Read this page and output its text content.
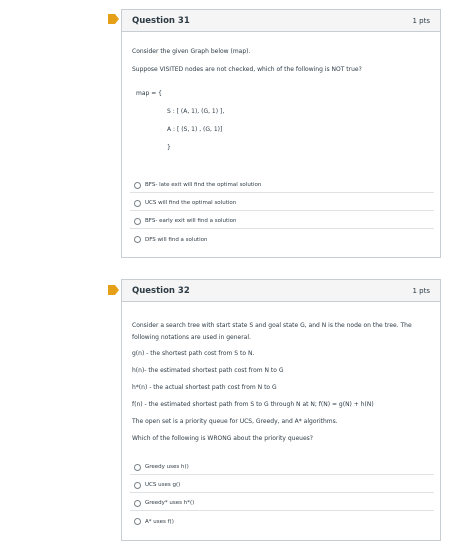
Question 31	1 pts
Consider the given Graph below (map).
Suppose VISITED nodes are not checked, which of the following is NOT true?
map = {
S : [ (A, 1), (G, 1) ],
A : [ (S, 1) , (G, 1)]
}
BFS- late exit will find the optimal solution
UCS will find the optimal solution
BFS- early exit will find a solution
DFS will find a solution
Question 32	1 pts
Consider a search tree with start state S and goal state G, and N is the node on the tree. The
following notations are used in general.
g(n) - the shortest path cost from S to N.
h(n)- the estimated shortest path cost from N to G
h*(n) - the actual shortest path cost from N to G
f(n) - the estimated shortest path from S to G through N at N; f(N) = g(N) + h(N)
The open set is a priority queue for UCS, Greedy, and A* algorithms.
Which of the following is WRONG about the priority queues?
Greedy uses h()
UCS uses g()
Greedy* uses h*()
A* uses f()
